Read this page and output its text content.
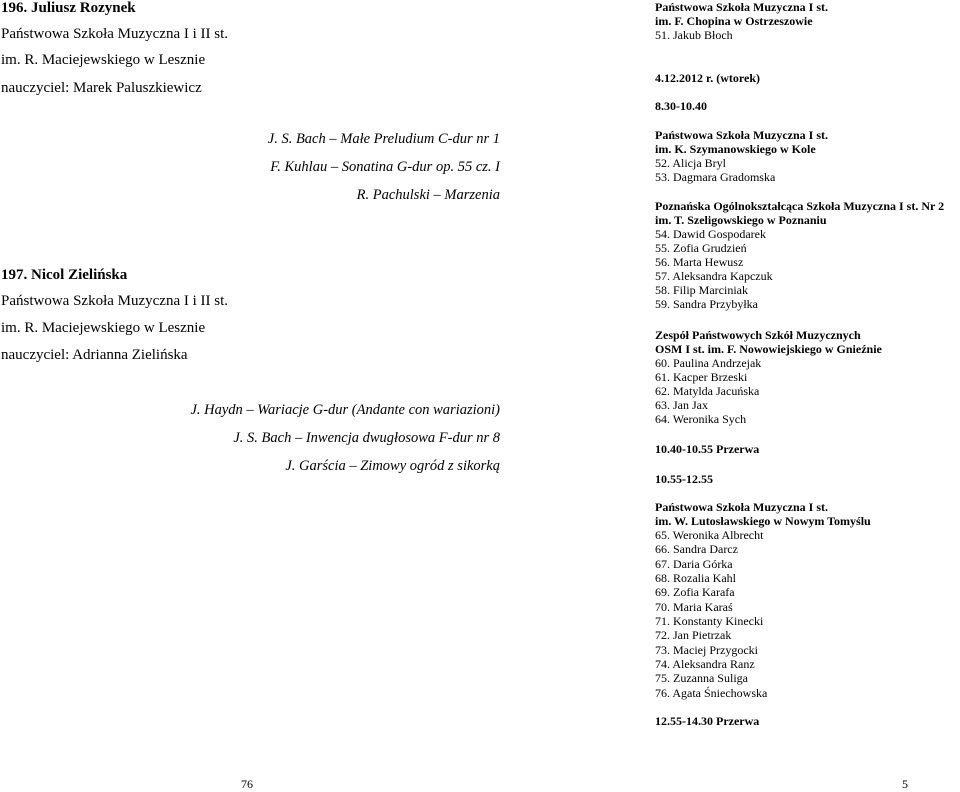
196. Juliusz Rozynek
Państwowa Szkoła Muzyczna I i II st.
im. R. Maciejewskiego w Lesznie
nauczyciel: Marek Paluszkiewicz
J. S. Bach – Małe Preludium C-dur nr 1
F. Kuhlau – Sonatina G-dur op. 55 cz. I
R. Pachulski – Marzenia
197. Nicol Zielińska
Państwowa Szkoła Muzyczna I i II st.
im. R. Maciejewskiego w Lesznie
nauczyciel: Adrianna Zielińska
J. Haydn – Wariacje G-dur (Andante con wariazioni)
J. S. Bach – Inwencja dwugłosowa F-dur nr 8
J. Garścia – Zimowy ogród z sikorką
76
Państwowa Szkoła Muzyczna I st.
im. F. Chopina w Ostrzeszowie
51. Jakub Błoch
4.12.2012 r. (wtorek)
8.30-10.40
Państwowa Szkoła Muzyczna I st.
im. K. Szymanowskiego w Kole
52. Alicja Bryl
53. Dagmara Gradomska
Poznańska Ogólnokształcąca Szkoła Muzyczna I st. Nr 2
im. T. Szeligowskiego w Poznaniu
54. Dawid Gospodarek
55. Zofia Grudzień
56. Marta Hewusz
57. Aleksandra Kapczuk
58. Filip Marciniak
59. Sandra Przybyłka
Zespół Państwowych Szkół Muzycznych
OSM I st. im. F. Nowowiejskiego w Gnieźnie
60. Paulina Andrzejak
61. Kacper Brzeski
62. Matylda Jacuńska
63. Jan Jax
64. Weronika Sych
10.40-10.55 Przerwa
10.55-12.55
Państwowa Szkoła Muzyczna I st.
im. W. Lutosławskiego w Nowym Tomyślu
65. Weronika Albrecht
66. Sandra Darcz
67. Daria Górka
68. Rozalia Kahl
69. Zofia Karafa
70. Maria Karaś
71. Konstanty Kinecki
72. Jan Pietrzak
73. Maciej Przygocki
74. Aleksandra Ranz
75. Zuzanna Suliga
76. Agata Śniechowska
12.55-14.30 Przerwa
5
